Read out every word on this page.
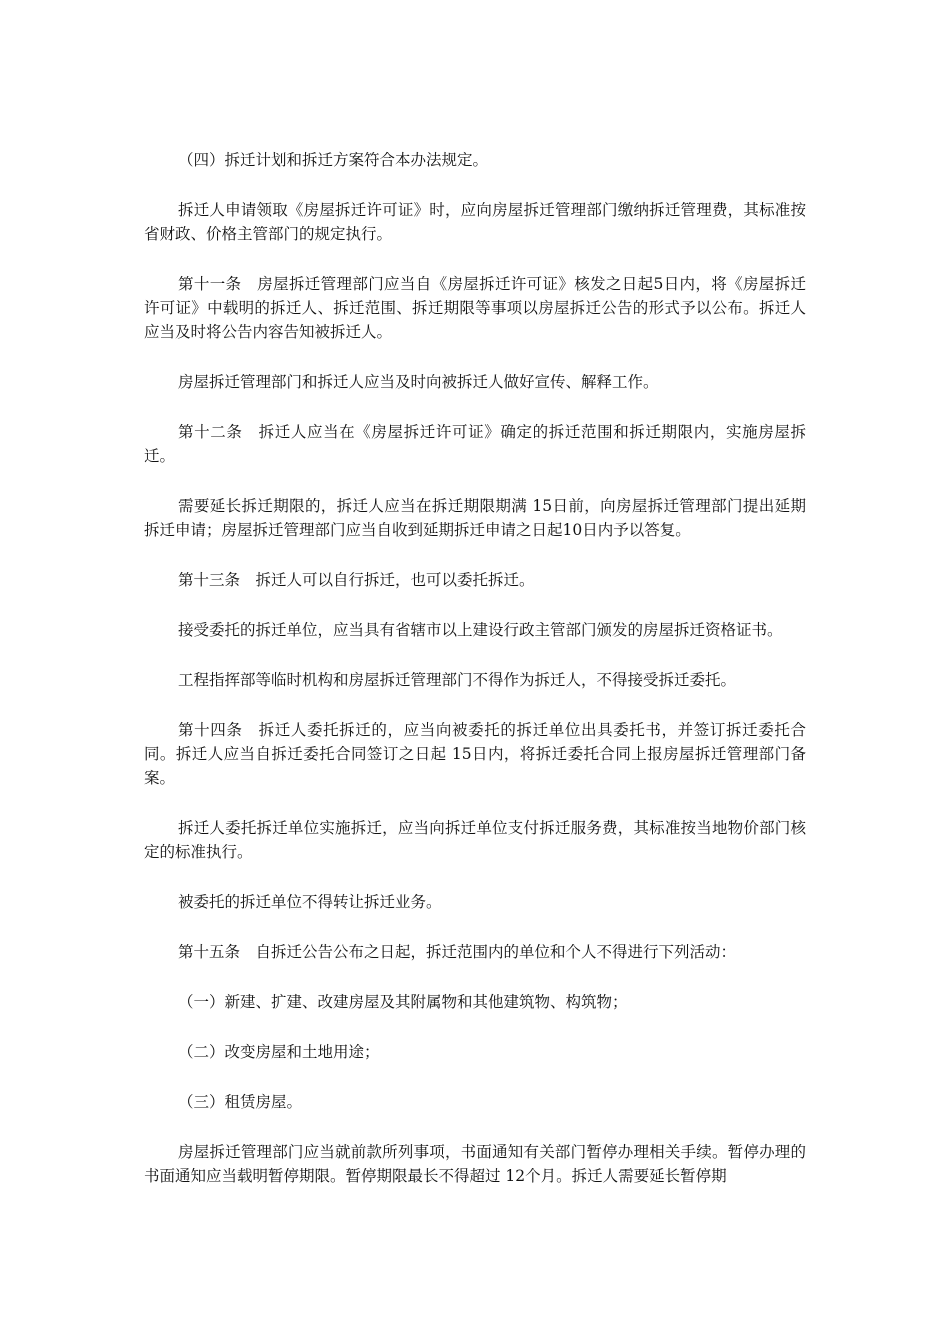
（四）拆迁计划和拆迁方案符合本办法规定。

拆迁人申请领取《房屋拆迁许可证》时，应向房屋拆迁管理部门缴纳拆迁管理费，其标准按省财政、价格主管部门的规定执行。

第十一条　房屋拆迁管理部门应当自《房屋拆迁许可证》核发之日起5日内，将《房屋拆迁许可证》中载明的拆迁人、拆迁范围、拆迁期限等事项以房屋拆迁公告的形式予以公布。拆迁人应当及时将公告内容告知被拆迁人。

房屋拆迁管理部门和拆迁人应当及时向被拆迁人做好宣传、解释工作。

第十二条　拆迁人应当在《房屋拆迁许可证》确定的拆迁范围和拆迁期限内，实施房屋拆迁。

需要延长拆迁期限的，拆迁人应当在拆迁期限期满 15日前，向房屋拆迁管理部门提出延期拆迁申请；房屋拆迁管理部门应当自收到延期拆迁申请之日起10日内予以答复。

第十三条　拆迁人可以自行拆迁，也可以委托拆迁。

接受委托的拆迁单位，应当具有省辖市以上建设行政主管部门颁发的房屋拆迁资格证书。

工程指挥部等临时机构和房屋拆迁管理部门不得作为拆迁人，不得接受拆迁委托。

第十四条　拆迁人委托拆迁的，应当向被委托的拆迁单位出具委托书，并签订拆迁委托合同。拆迁人应当自拆迁委托合同签订之日起 15日内，将拆迁委托合同上报房屋拆迁管理部门备案。

拆迁人委托拆迁单位实施拆迁，应当向拆迁单位支付拆迁服务费，其标准按当地物价部门核定的标准执行。

被委托的拆迁单位不得转让拆迁业务。

第十五条　自拆迁公告公布之日起，拆迁范围内的单位和个人不得进行下列活动：

（一）新建、扩建、改建房屋及其附属物和其他建筑物、构筑物；

（二）改变房屋和土地用途；

（三）租赁房屋。

房屋拆迁管理部门应当就前款所列事项，书面通知有关部门暂停办理相关手续。暂停办理的书面通知应当载明暂停期限。暂停期限最长不得超过 12个月。拆迁人需要延长暂停期
